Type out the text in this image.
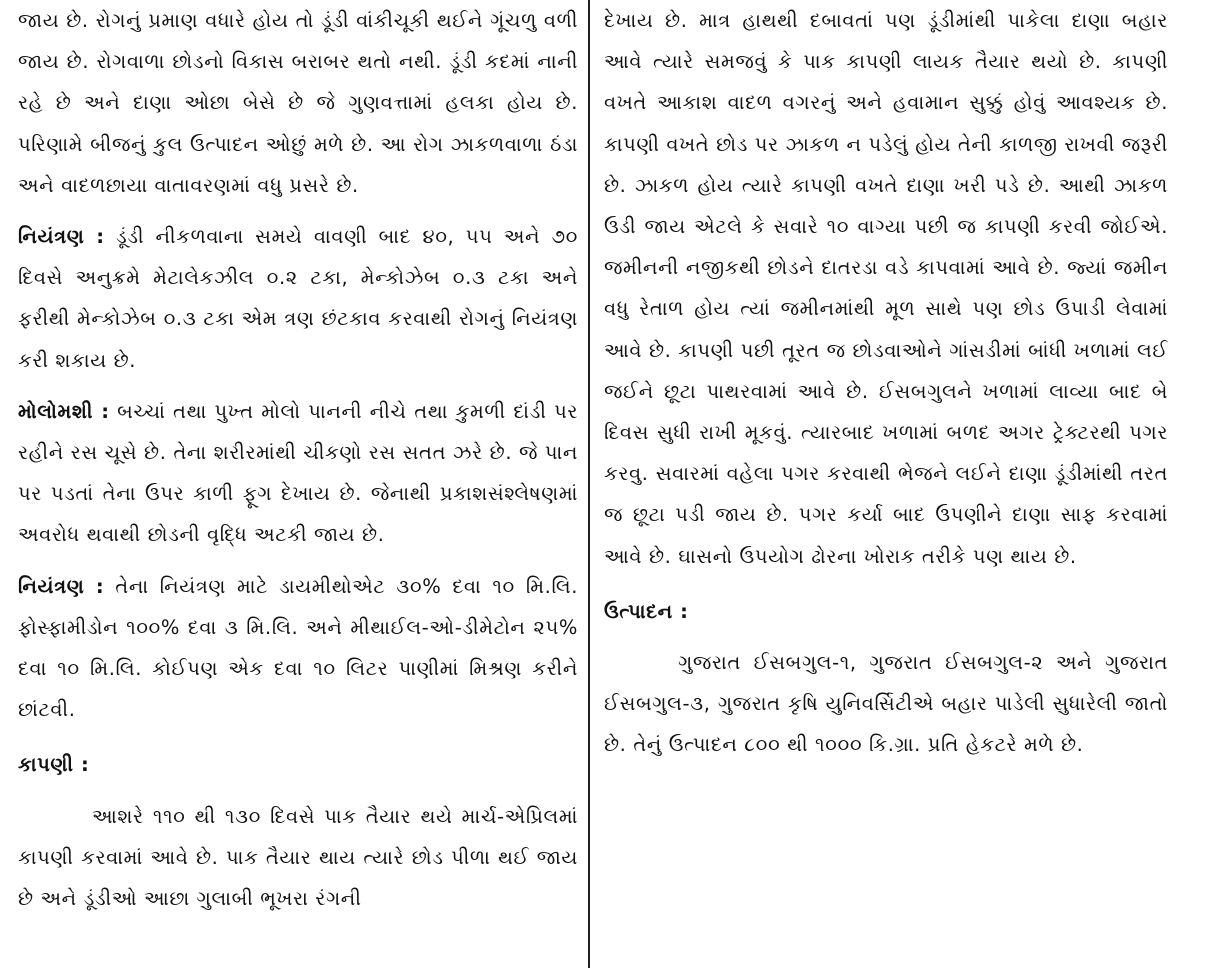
જાય છે. રોગનું પ્રમાણ વધારે હોય તો ડૂંડી વાંકીચૂકી થઈને ગૂંચળુ વળી જાય છે. રોગવાળા છોડનો વિકાસ બરાબર થતો નથી. ડૂંડી કદમાં નાની રહે છે અને દાણા ઓછા બેસે છે જે ગુણવત્તામાં હલકા હોય છે. પરિણામે બીજનું કુલ ઉત્પાદન ઓછું મળે છે. આ રોગ ઝાકળવાળા ઠંડા અને વાદળછાયા વાતાવરણમાં વધુ પ્રસરે છે.

નિયંત્રણ : ડૂંડી નીકળવાના સમયે વાવણી બાદ ૪૦, ૫૫ અને ૭૦ દિવસે અનુક્રમે મેટાલેકઝીલ ૦.૨ ટકા, મેન્કોઝેબ ૦.૩ ટકા અને ફરીથી મેન્કોઝેબ ૦.૩ ટકા એમ ત્રણ છંટકાવ કરવાથી રોગનું નિયંત્રણ કરી શકાય છે.

મોલોમશી : બચ્ચાં તથા પુખ્ત મોલો પાનની નીચે તથા કુમળી દાંડી પર રહીને રસ ચૂસે છે. તેના શરીરમાંથી ચીકણો રસ સતત ઝરે છે. જે પાન પર પડતાં તેના ઉપર કાળી ફૂગ દેખાય છે. જેનાથી પ્રકાશસંશ્લેષણમાં અવરોધ થવાથી છોડની વૃદ્ધિ અટકી જાય છે.

નિયંત્રણ : તેના નિયંત્રણ માટે ડાયમીથોએટ ૩૦% દવા ૧૦ મિ.લિ. ફોસ્ફામીડોન ૧૦૦% દવા ૩ મિ.લિ. અને મીથાઈલ-ઓ-ડીમેટોન ૨૫% દવા ૧૦ મિ.લિ. કોઈપણ એક દવા ૧૦ લિટર પાણીમાં મિશ્રણ કરીને છાંટવી.

કાપણી :

આશરે ૧૧૦ થી ૧૩૦ દિવસે પાક તૈયાર થયે માર્ચ-એપ્રિલમાં કાપણી કરવામાં આવે છે. પાક તૈયાર થાય ત્યારે છોડ પીળા થઈ જાય છે અને ડૂંડીઓ આછા ગુલાબી ભૂખરા રંગની

દેખાય છે. માત્ર હાથથી દબાવતાં પણ ડૂંડીમાંથી પાકેલા દાણા બહાર આવે ત્યારે સમજવું કે પાક કાપણી લાયક તૈયાર થયો છે. કાપણી વખતે આકાશ વાદળ વગરનું અને હવામાન સુક્કું હોવું આવશ્યક છે. કાપણી વખતે છોડ પર ઝાકળ ન પડેલું હોય તેની કાળજી રાખવી જરૂરી છે. ઝાકળ હોય ત્યારે કાપણી વખતે દાણા ખરી પડે છે. આથી ઝાકળ ઉડી જાય એટલે કે સવારે ૧૦ વાગ્યા પછી જ કાપણી કરવી જોઈએ. જમીનની નજીકથી છોડને દાતરડા વડે કાપવામાં આવે છે. જ્યાં જમીન વધુ રેતાળ હોય ત્યાં જમીનમાંથી મૂળ સાથે પણ છોડ ઉપાડી લેવામાં આવે છે. કાપણી પછી તૂરત જ છોડવાઓને ગાંસડીમાં બાંધી ખળામાં લઈ જઈને છૂટા પાથરવામાં આવે છે. ઈસબગુલને ખળામાં લાવ્યા બાદ બે દિવસ સુધી રાખી મૂકવું. ત્યારબાદ ખળામાં બળદ અગર ટ્રેક્ટરથી પગર કરવુ. સવારમાં વહેલા પગર કરવાથી ભેજને લઈને દાણા ડૂંડીમાંથી તરત જ છૂટા પડી જાય છે. પગર કર્યા બાદ ઉપણીને દાણા સાફ કરવામાં આવે છે. ઘાસનો ઉપયોગ ઢોરના ખોરાક તરીકે પણ થાય છે.

ઉત્પાદન :

ગુજરાત ઈસબગુલ-૧, ગુજરાત ઈસબગુલ-૨ અને ગુજરાત ઈસબગુલ-૩, ગુજરાત કૃષિ યુનિવર્સિટીએ બહાર પાડેલી સુધારેલી જાતો છે. તેનું ઉત્પાદન ૮૦૦ થી ૧૦૦૦ કિ.ગ્રા. પ્રતિ હેકટરે મળે છે.
